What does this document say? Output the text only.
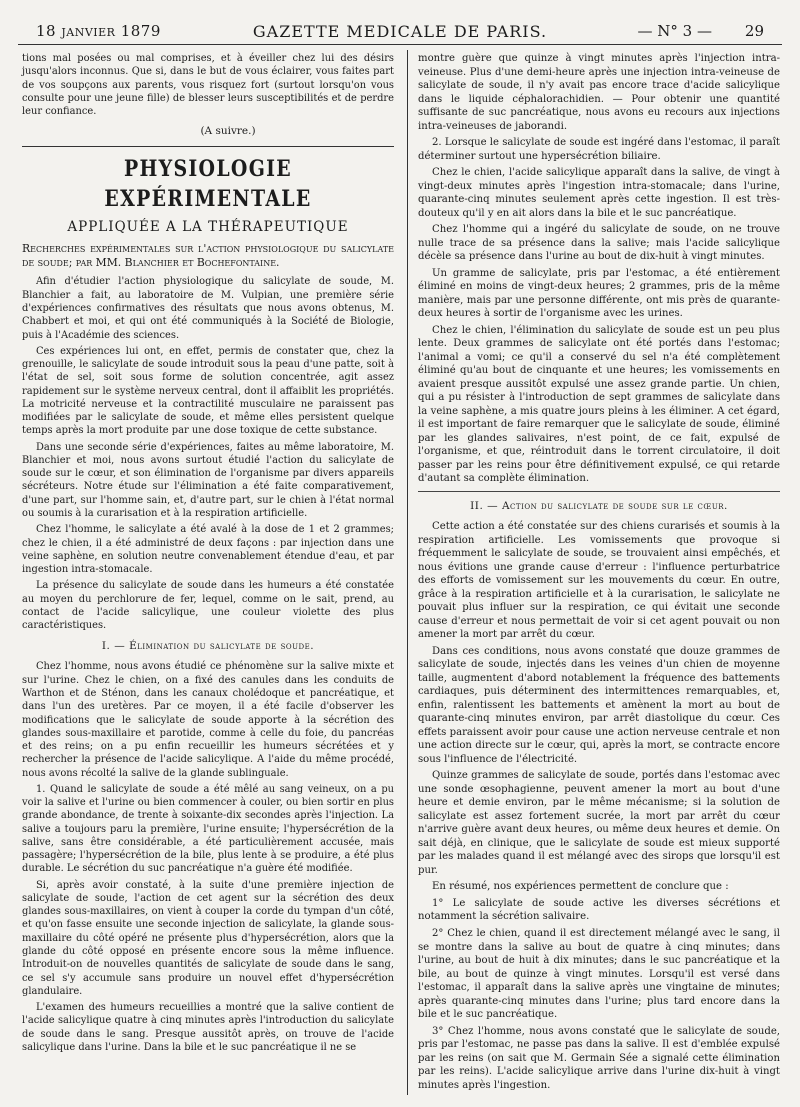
18 janvier 1879	GAZETTE MEDICALE DE PARIS.	— N° 3 — 29

tions mal posées ou mal comprises, et à éveiller chez lui des désirs jusqu'alors inconnus. Que si, dans le but de vous éclairer, vous faites part de vos soupçons aux parents, vous risquez fort (surtout lorsqu'on vous consulte pour une jeune fille) de blesser leurs susceptibilités et de perdre leur confiance.

(A suivre.)
PHYSIOLOGIE EXPÉRIMENTALE
APPLIQUÉE A LA THÉRAPEUTIQUE
Recherches expérimentales sur l'action physiologique du salicylate de soude; par MM. Blanchier et Bochefontaine.

Afin d'étudier l'action physiologique du salicylate de soude, M. Blanchier a fait, au laboratoire de M. Vulpian, une première série d'expériences confirmatives des résultats que nous avons obtenus, M. Chabbert et moi, et qui ont été communiqués à la Société de Biologie, puis à l'Académie des sciences.

Ces expériences lui ont, en effet, permis de constater que, chez la grenouille, le salicylate de soude introduit sous la peau d'une patte, soit à l'état de sel, soit sous forme de solution concentrée, agit assez rapidement sur le système nerveux central, dont il affaiblit les propriétés. La motricité nerveuse et la contractilité musculaire ne paraissent pas modifiées par le salicylate de soude, et même elles persistent quelque temps après la mort produite par une dose toxique de cette substance.

Dans une seconde série d'expériences, faites au même laboratoire, M. Blanchier et moi, nous avons surtout étudié l'action du salicylate de soude sur le cœur, et son élimination de l'organisme par divers appareils sécréteurs. Notre étude sur l'élimination a été faite comparativement, d'une part, sur l'homme sain, et, d'autre part, sur le chien à l'état normal ou soumis à la curarisation et à la respiration artificielle.

Chez l'homme, le salicylate a été avalé à la dose de 1 et 2 grammes; chez le chien, il a été administré de deux façons : par injection dans une veine saphène, en solution neutre convenablement étendue d'eau, et par ingestion intra-stomacale.

La présence du salicylate de soude dans les humeurs a été constatée au moyen du perchlorure de fer, lequel, comme on le sait, prend, au contact de l'acide salicylique, une couleur violette des plus caractéristiques.

I. — Élimination du salicylate de soude.

Chez l'homme, nous avons étudié ce phénomène sur la salive mixte et sur l'urine. Chez le chien, on a fixé des canules dans les conduits de Warthon et de Sténon, dans les canaux cholédoque et pancréatique, et dans l'un des uretères. Par ce moyen, il a été facile d'observer les modifications que le salicylate de soude apporte à la sécrétion des glandes sous-maxillaire et parotide, comme à celle du foie, du pancréas et des reins; on a pu enfin recueillir les humeurs sécrétées et y rechercher la présence de l'acide salicylique. A l'aide du même procédé, nous avons récolté la salive de la glande sublinguale.

1. Quand le salicylate de soude a été mêlé au sang veineux, on a pu voir la salive et l'urine ou bien commencer à couler, ou bien sortir en plus grande abondance, de trente à soixante-dix secondes après l'injection. La salive a toujours paru la première, l'urine ensuite; l'hypersécrétion de la salive, sans être considérable, a été particulièrement accusée, mais passagère; l'hypersécrétion de la bile, plus lente à se produire, a été plus durable. Le sécrétion du suc pancréatique n'a guère été modifiée.

Si, après avoir constaté, à la suite d'une première injection de salicylate de soude, l'action de cet agent sur la sécrétion des deux glandes sous-maxillaires, on vient à couper la corde du tympan d'un côté, et qu'on fasse ensuite une seconde injection de salicylate, la glande sous-maxillaire du côté opéré ne présente plus d'hypersécrétion, alors que la glande du côté opposé en présente encore sous la même influence. Introduit-on de nouvelles quantités de salicylate de soude dans le sang, ce sel s'y accumule sans produire un nouvel effet d'hypersécrétion glandulaire.

L'examen des humeurs recueillies a montré que la salive contient de l'acide salicylique quatre à cinq minutes après l'introduction du salicylate de soude dans le sang. Presque aussitôt après, on trouve de l'acide salicylique dans l'urine. Dans la bile et le suc pancréatique il ne se

montre guère que quinze à vingt minutes après l'injection intra-veineuse. Plus d'une demi-heure après une injection intra-veineuse de salicylate de soude, il n'y avait pas encore trace d'acide salicylique dans le liquide céphalorachidien. — Pour obtenir une quantité suffisante de suc pancréatique, nous avons eu recours aux injections intra-veineuses de jaborandi.

2. Lorsque le salicylate de soude est ingéré dans l'estomac, il paraît déterminer surtout une hypersécrétion biliaire.

Chez le chien, l'acide salicylique apparaît dans la salive, de vingt à vingt-deux minutes après l'ingestion intra-stomacale; dans l'urine, quarante-cinq minutes seulement après cette ingestion. Il est très-douteux qu'il y en ait alors dans la bile et le suc pancréatique.

Chez l'homme qui a ingéré du salicylate de soude, on ne trouve nulle trace de sa présence dans la salive; mais l'acide salicylique décèle sa présence dans l'urine au bout de dix-huit à vingt minutes.

Un gramme de salicylate, pris par l'estomac, a été entièrement éliminé en moins de vingt-deux heures; 2 grammes, pris de la même manière, mais par une personne différente, ont mis près de quarante-deux heures à sortir de l'organisme avec les urines.

Chez le chien, l'élimination du salicylate de soude est un peu plus lente. Deux grammes de salicylate ont été portés dans l'estomac; l'animal a vomi; ce qu'il a conservé du sel n'a été complètement éliminé qu'au bout de cinquante et une heures; les vomissements en avaient presque aussitôt expulsé une assez grande partie. Un chien, qui a pu résister à l'introduction de sept grammes de salicylate dans la veine saphène, a mis quatre jours pleins à les éliminer. A cet égard, il est important de faire remarquer que le salicylate de soude, éliminé par les glandes salivaires, n'est point, de ce fait, expulsé de l'organisme, et que, réintroduit dans le torrent circulatoire, il doit passer par les reins pour être définitivement expulsé, ce qui retarde d'autant sa complète élimination.

II. — Action du salicylate de soude sur le cœur.

Cette action a été constatée sur des chiens curarisés et soumis à la respiration artificielle. Les vomissements que provoque si fréquemment le salicylate de soude, se trouvaient ainsi empêchés, et nous évitions une grande cause d'erreur : l'influence perturbatrice des efforts de vomissement sur les mouvements du cœur. En outre, grâce à la respiration artificielle et à la curarisation, le salicylate ne pouvait plus influer sur la respiration, ce qui évitait une seconde cause d'erreur et nous permettait de voir si cet agent pouvait ou non amener la mort par arrêt du cœur.

Dans ces conditions, nous avons constaté que douze grammes de salicylate de soude, injectés dans les veines d'un chien de moyenne taille, augmentent d'abord notablement la fréquence des battements cardiaques, puis déterminent des intermittences remarquables, et, enfin, ralentissent les battements et amènent la mort au bout de quarante-cinq minutes environ, par arrêt diastolique du cœur. Ces effets paraissent avoir pour cause une action nerveuse centrale et non une action directe sur le cœur, qui, après la mort, se contracte encore sous l'influence de l'électricité.

Quinze grammes de salicylate de soude, portés dans l'estomac avec une sonde œsophagienne, peuvent amener la mort au bout d'une heure et demie environ, par le même mécanisme; si la solution de salicylate est assez fortement sucrée, la mort par arrêt du cœur n'arrive guère avant deux heures, ou même deux heures et demie. On sait déjà, en clinique, que le salicylate de soude est mieux supporté par les malades quand il est mélangé avec des sirops que lorsqu'il est pur.

En résumé, nos expériences permettent de conclure que :

1° Le salicylate de soude active les diverses sécrétions et notamment la sécrétion salivaire.

2° Chez le chien, quand il est directement mélangé avec le sang, il se montre dans la salive au bout de quatre à cinq minutes; dans l'urine, au bout de huit à dix minutes; dans le suc pancréatique et la bile, au bout de quinze à vingt minutes. Lorsqu'il est versé dans l'estomac, il apparaît dans la salive après une vingtaine de minutes; après quarante-cinq minutes dans l'urine; plus tard encore dans la bile et le suc pancréatique.

3° Chez l'homme, nous avons constaté que le salicylate de soude, pris par l'estomac, ne passe pas dans la salive. Il est d'emblée expulsé par les reins (on sait que M. Germain Sée a signalé cette élimination par les reins). L'acide salicylique arrive dans l'urine dix-huit à vingt minutes après l'ingestion.
